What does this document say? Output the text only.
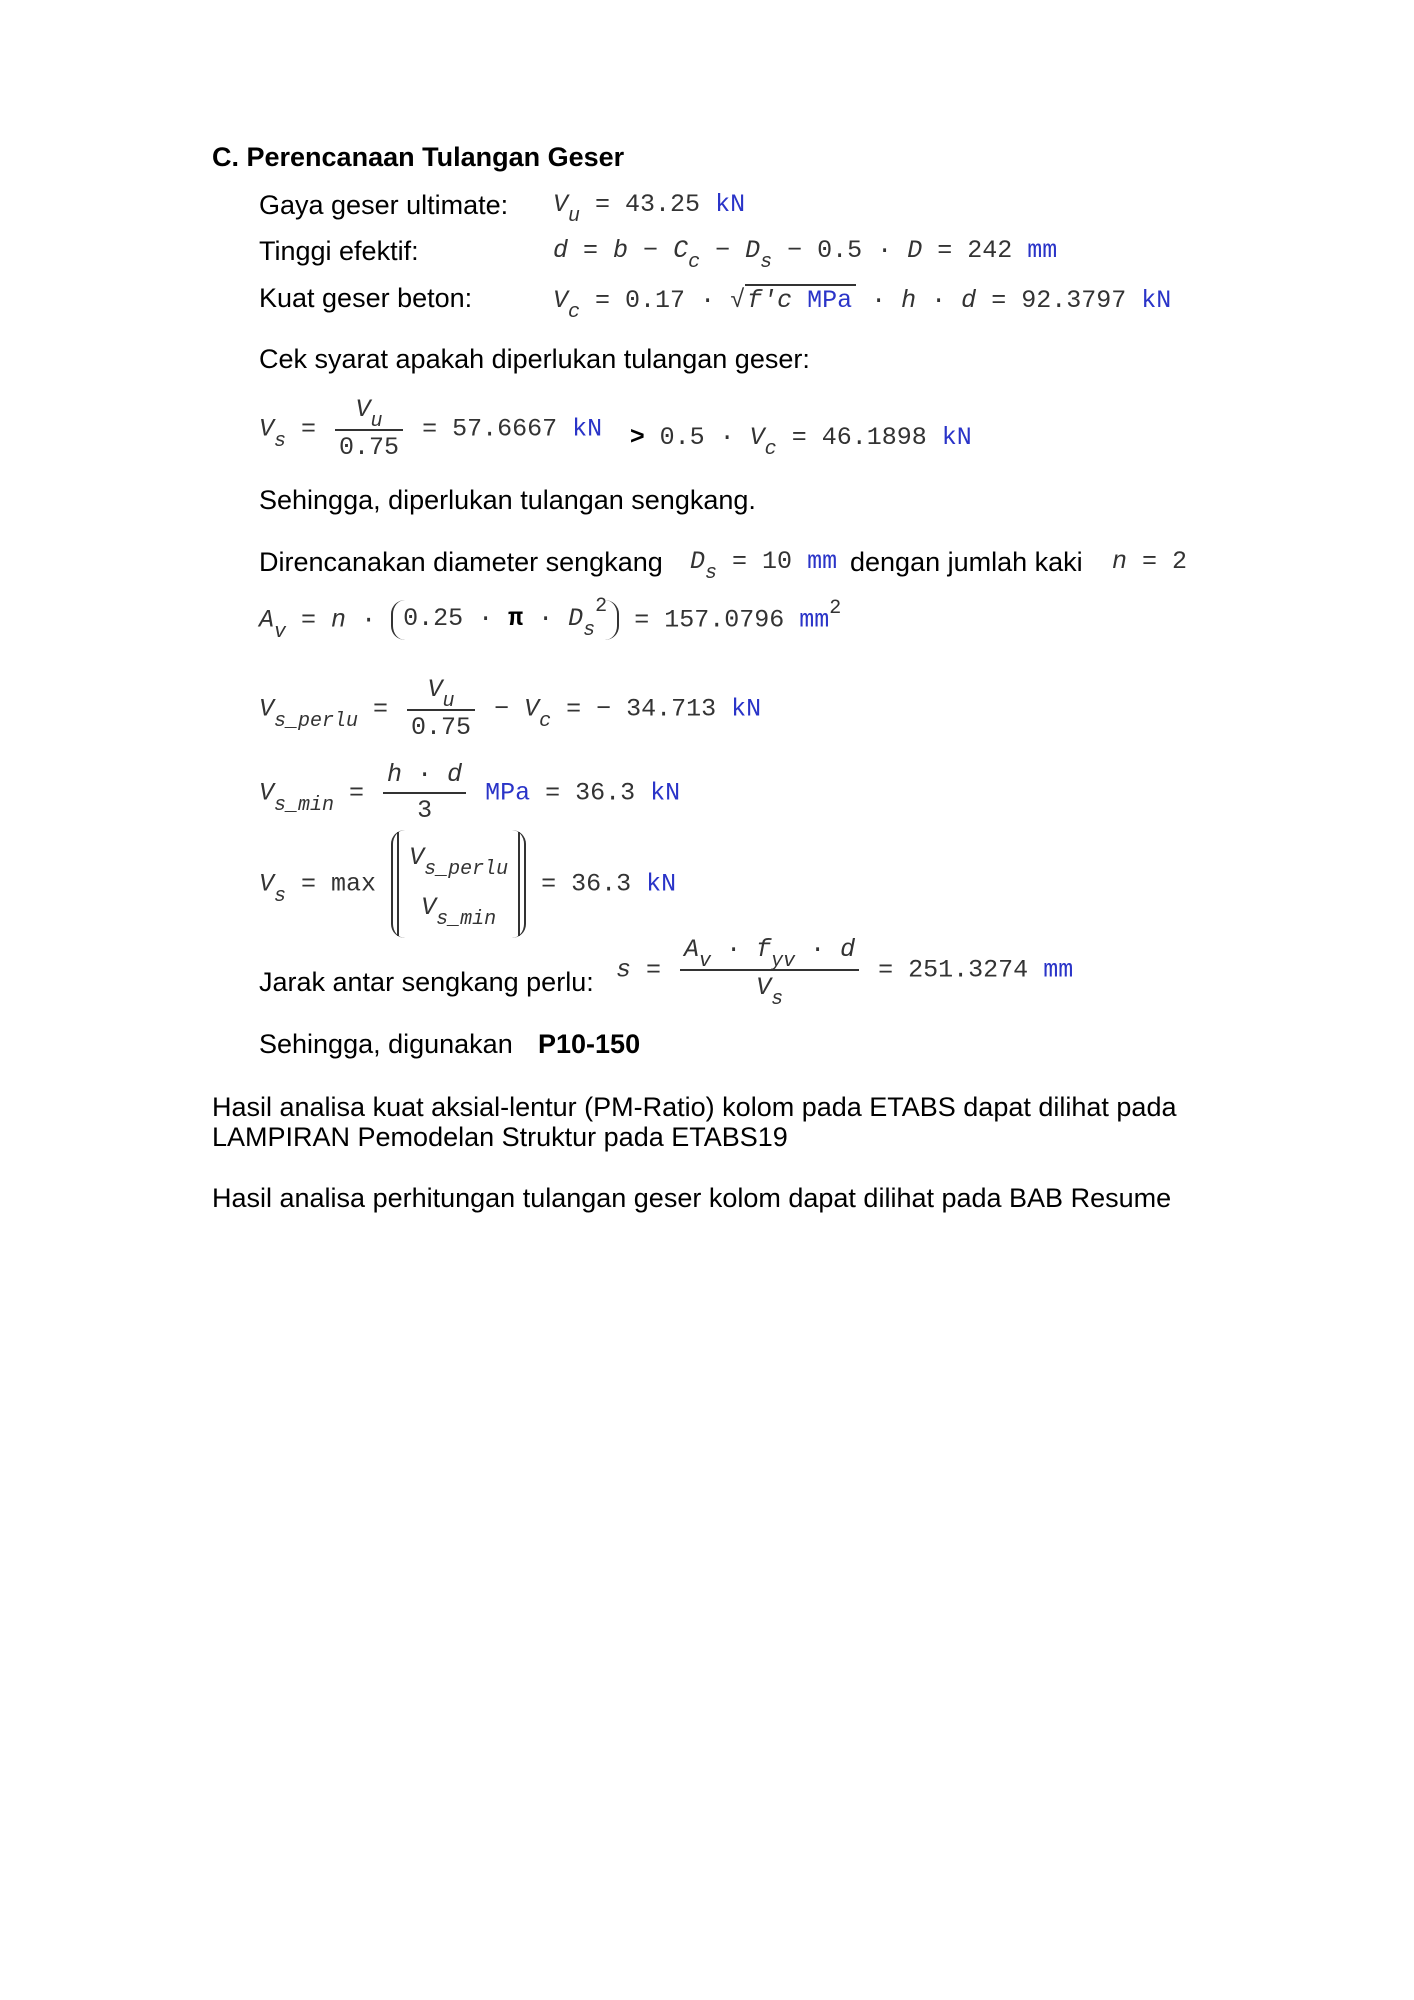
C. Perencanaan Tulangan Geser
Gaya geser ultimate: $V_u = 43.25$ kN
Tinggi efektif:	$d = b - C_c - D_s - 0.5 \cdot D = 242$ mm
Kuat geser beton:	$V_c = 0.17 \cdot √f'c$ MPa · h · d = 92.3797 kN
Cek syarat apakah diperlukan tulangan geser:
$V_s = \frac{V_u}{0.75} = 57.6667$ kN > $0.5 \cdot V_c = 46.1898$ kN
Sehingga, diperlukan tulangan sengkang.
Direncanakan diameter sengkang $D_s = 10$ mm dengan jumlah kaki n = 2
$A_v = n \cdot 0.25 \cdot \pi \cdot D_s^2 = 157.0796$ $mm^2$
$V_{s\_perlu} = \frac{V_u}{0.75} - V_c$ = − 34.713 kN
$V_{s\_min} = \frac{h \cdot d}{3}$ MPa = 36.3 kN
$V_s = \max$
$V_{s\_perlu}$
$V_{s\_min}$
= 36.3 kN
Jarak antar sengkang perlu: $s = \frac{A_v \cdot f_{yv} \cdot d}{V_s} = 251.3274$ mm
Sehingga, digunakan P10-150
Hasil analisa kuat aksial-lentur (PM-Ratio) kolom pada ETABS dapat dilihat pada
LAMPIRAN Pemodelan Struktur pada ETABS19
Hasil analisa perhitungan tulangan geser kolom dapat dilihat pada BAB Resume
